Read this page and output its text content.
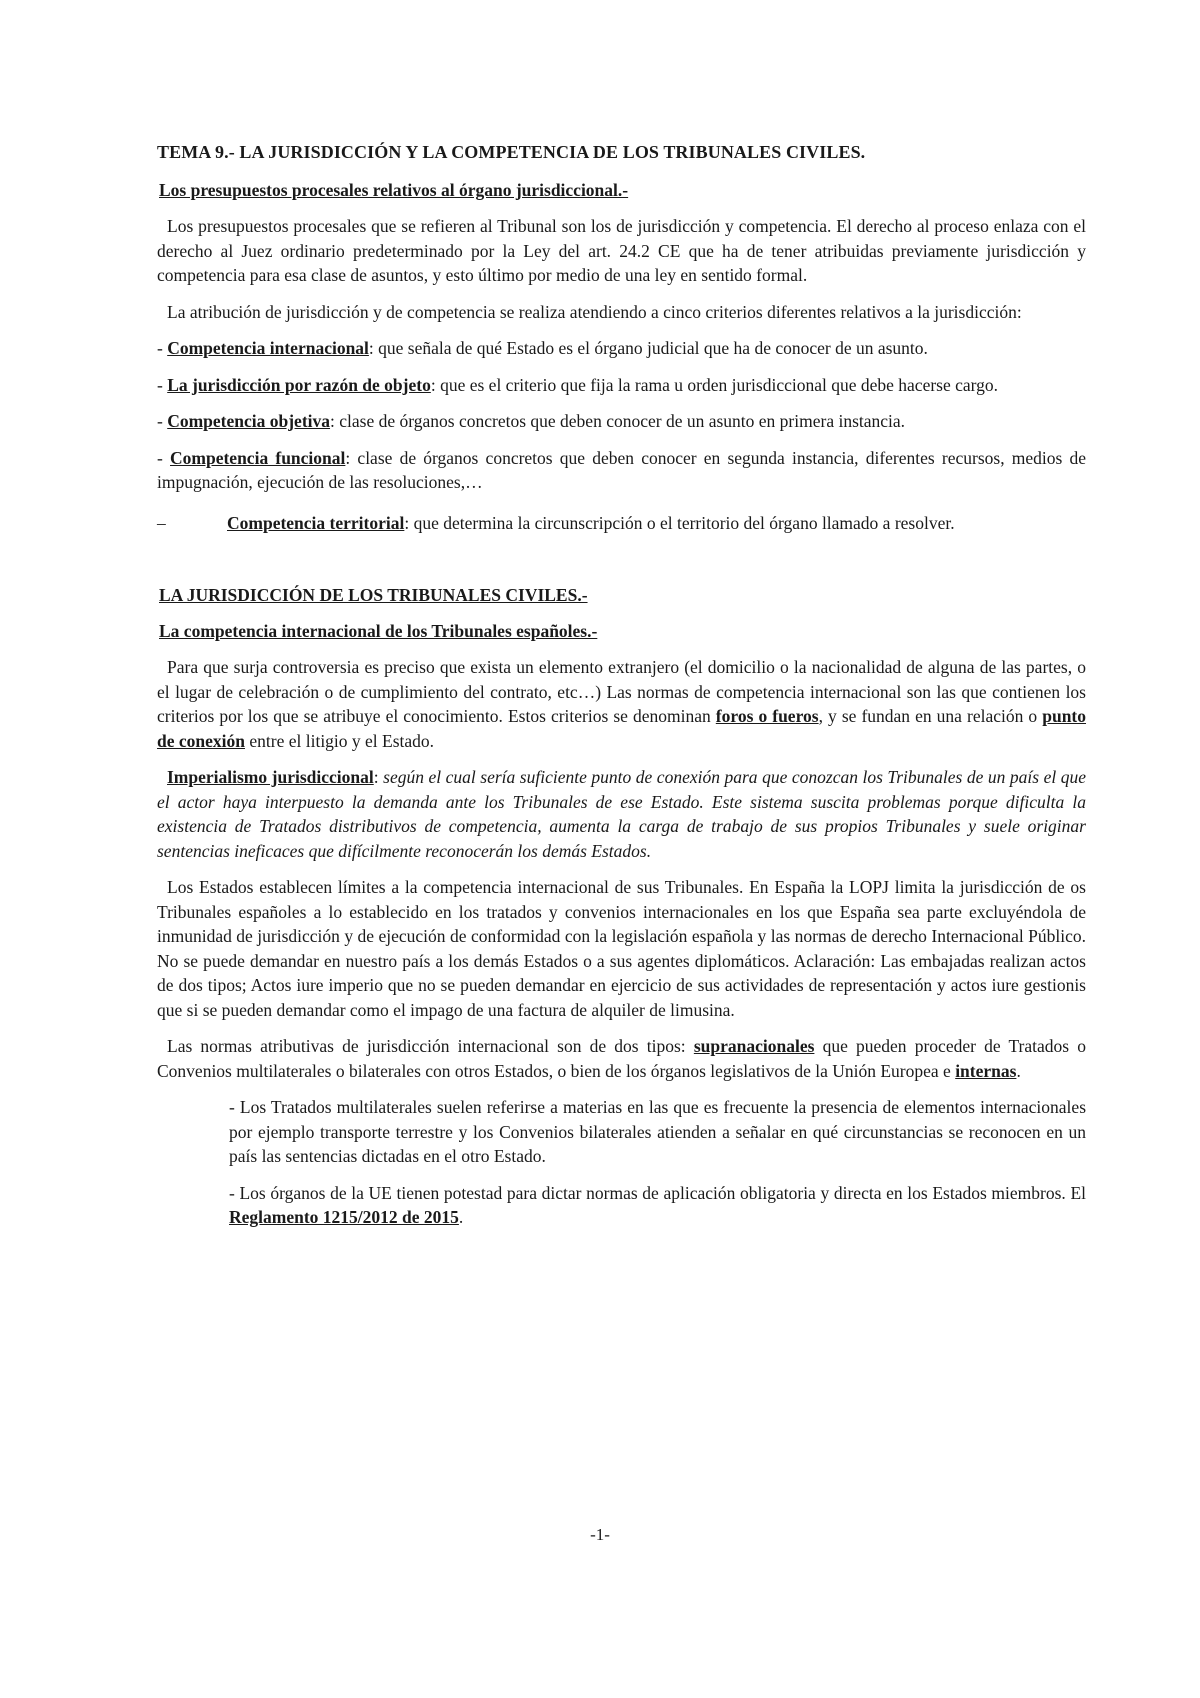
TEMA 9.- LA JURISDICCIÓN Y LA COMPETENCIA DE LOS TRIBUNALES CIVILES.
Los presupuestos procesales relativos al órgano jurisdiccional.-

Los presupuestos procesales que se refieren al Tribunal son los de jurisdicción y competencia. El derecho al proceso enlaza con el derecho al Juez ordinario predeterminado por la Ley del art. 24.2 CE que ha de tener atribuidas previamente jurisdicción y competencia para esa clase de asuntos, y esto último por medio de una ley en sentido formal.

La atribución de jurisdicción y de competencia se realiza atendiendo a cinco criterios diferentes relativos a la jurisdicción:

- Competencia internacional: que señala de qué Estado es el órgano judicial que ha de conocer de un asunto.

- La jurisdicción por razón de objeto: que es el criterio que fija la rama u orden jurisdiccional que debe hacerse cargo.

- Competencia objetiva: clase de órganos concretos que deben conocer de un asunto en primera instancia.

- Competencia funcional: clase de órganos concretos que deben conocer en segunda instancia, diferentes recursos, medios de impugnación, ejecución de las resoluciones,…

–	Competencia territorial: que determina la circunscripción o el territorio del órgano llamado a resolver.
LA JURISDICCIÓN DE LOS TRIBUNALES CIVILES.-
La competencia internacional de los Tribunales españoles.-

Para que surja controversia es preciso que exista un elemento extranjero (el domicilio o la nacionalidad de alguna de las partes, o el lugar de celebración o de cumplimiento del contrato, etc…) Las normas de competencia internacional son las que contienen los criterios por los que se atribuye el conocimiento. Estos criterios se denominan foros o fueros, y se fundan en una relación o punto de conexión entre el litigio y el Estado.

Imperialismo jurisdiccional: según el cual sería suficiente punto de conexión para que conozcan los Tribunales de un país el que el actor haya interpuesto la demanda ante los Tribunales de ese Estado. Este sistema suscita problemas porque dificulta la existencia de Tratados distributivos de competencia, aumenta la carga de trabajo de sus propios Tribunales y suele originar sentencias ineficaces que difícilmente reconocerán los demás Estados.

Los Estados establecen límites a la competencia internacional de sus Tribunales. En España la LOPJ limita la jurisdicción de os Tribunales españoles a lo establecido en los tratados y convenios internacionales en los que España sea parte excluyéndola de inmunidad de jurisdicción y de ejecución de conformidad con la legislación española y las normas de derecho Internacional Público. No se puede demandar en nuestro país a los demás Estados o a sus agentes diplomáticos. Aclaración: Las embajadas realizan actos de dos tipos; Actos iure imperio que no se pueden demandar en ejercicio de sus actividades de representación y actos iure gestionis que si se pueden demandar como el impago de una factura de alquiler de limusina.

Las normas atributivas de jurisdicción internacional son de dos tipos: supranacionales que pueden proceder de Tratados o Convenios multilaterales o bilaterales con otros Estados, o bien de los órganos legislativos de la Unión Europea e internas.

- Los Tratados multilaterales suelen referirse a materias en las que es frecuente la presencia de elementos internacionales por ejemplo transporte terrestre y los Convenios bilaterales atienden a señalar en qué circunstancias se reconocen en un país las sentencias dictadas en el otro Estado.

- Los órganos de la UE tienen potestad para dictar normas de aplicación obligatoria y directa en los Estados miembros. El Reglamento 1215/2012 de 2015.

-1-
